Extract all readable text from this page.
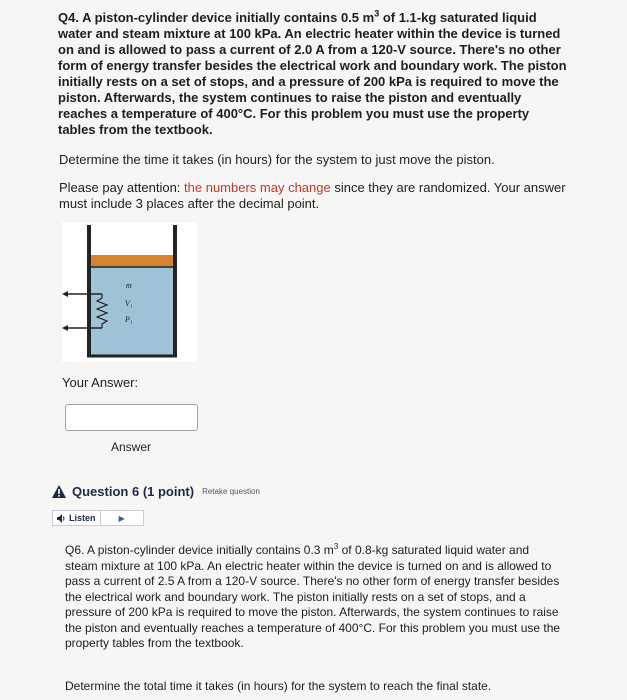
Q4. A piston-cylinder device initially contains 0.5 $m^3$ of 1.1-kg saturated liquid water and steam mixture at 100 kPa. An electric heater within the device is turned on and is allowed to pass a current of 2.0 A from a 120-V source. There's no other form of energy transfer besides the electrical work and boundary work. The piston initially rests on a set of stops, and a pressure of 200 kPa is required to move the piston. Afterwards, the system continues to raise the piston and eventually reaches a temperature of 400°C. For this problem you must use the property tables from the textbook.
Determine the time it takes (in hours) for the system to just move the piston.
Please pay attention: the numbers may change since they are randomized. Your answer must include 3 places after the decimal point.
m
V₁
P₁
Your Answer:
Answer
Question 6 (1 point) Retake question
Listen	▶
Q6. A piston-cylinder device initially contains 0.3 $m^3$ of 0.8-kg saturated liquid water and steam mixture at 100 kPa. An electric heater within the device is turned on and is allowed to pass a current of 2.5 A from a 120-V source. There's no other form of energy transfer besides the electrical work and boundary work. The piston initially rests on a set of stops, and a pressure of 200 kPa is required to move the piston. Afterwards, the system continues to raise the piston and eventually reaches a temperature of 400°C. For this problem you must use the property tables from the textbook.
Determine the total time it takes (in hours) for the system to reach the final state.
